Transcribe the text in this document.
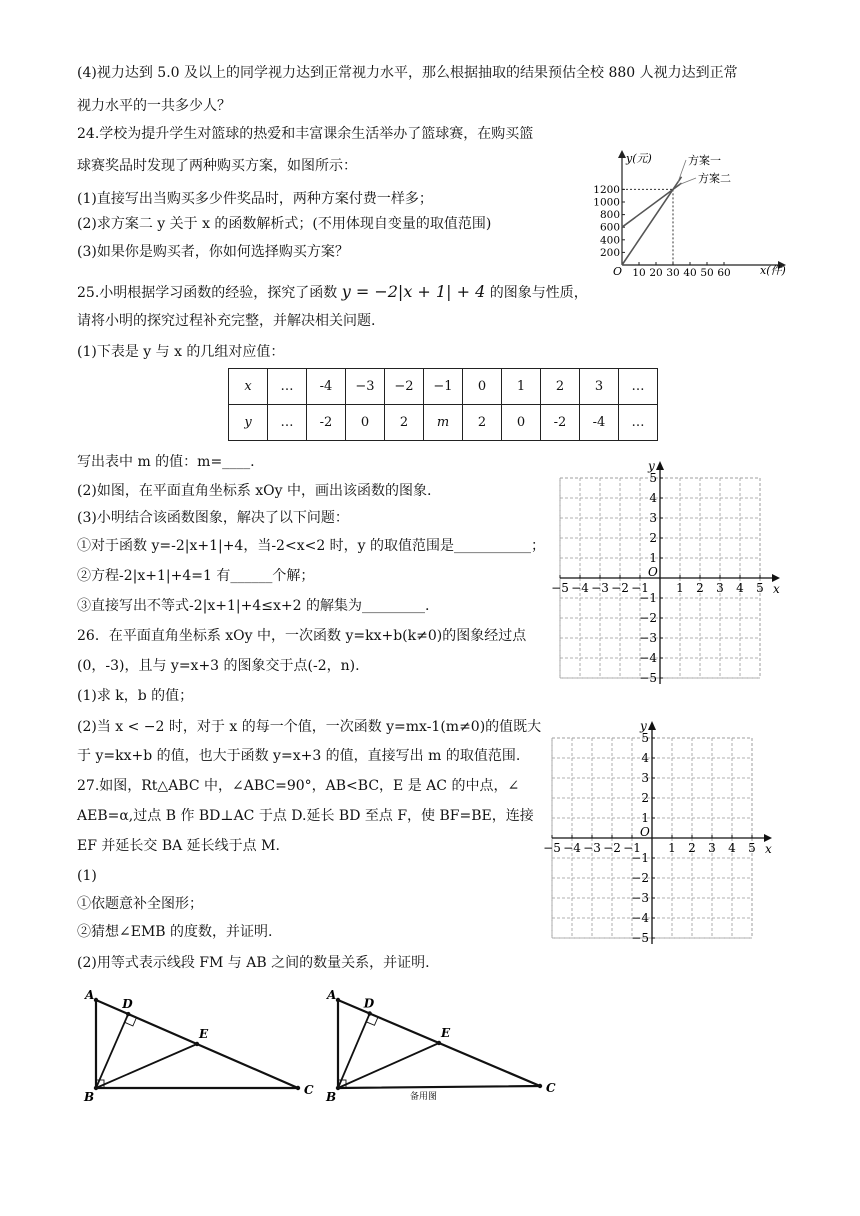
(4)视力达到 5.0 及以上的同学视力达到正常视力水平，那么根据抽取的结果预估全校 880 人视力达到正常
视力水平的一共多少人？
24.学校为提升学生对篮球的热爱和丰富课余生活举办了篮球赛，在购买篮
球赛奖品时发现了两种购买方案，如图所示：
(1)直接写出当购买多少件奖品时，两种方案付费一样多；
(2)求方案二 y 关于 x 的函数解析式；(不用体现自变量的取值范围)
(3)如果你是购买者，你如何选择购买方案？
10 20 30 40 50 60
200
400
600
800
1000
1200
y(元)
x(件)
O
方案一
方案二
25.小明根据学习函数的经验，探究了函数 y = −2|x + 1| + 4 的图象与性质，
请将小明的探究过程补充完整，并解决相关问题.
(1)下表是 y 与 x 的几组对应值：
x	…	-4	−3	−2	−1	0	1	2	3	…
y	…	-2	0	2	m	2	0	-2	-4	…
写出表中 m 的值：m=____.
(2)如图，在平面直角坐标系 xOy 中，画出该函数的图象.
(3)小明结合该函数图象，解决了以下问题：
①对于函数 y=-2|x+1|+4，当-2<x<2 时，y 的取值范围是___________；
②方程-2|x+1|+4=1 有______个解；
③直接写出不等式-2|x+1|+4≤x+2 的解集为_________.
26．在平面直角坐标系 xOy 中，一次函数 y=kx+b(k≠0)的图象经过点
(0，-3)，且与 y=x+3 的图象交于点(-2，n).
(1)求 k，b 的值；
(2)当 x < −2 时，对于 x 的每一个值，一次函数 y=mx-1(m≠0)的值既大
于 y=kx+b 的值，也大于函数 y=x+3 的值，直接写出 m 的取值范围.
27.如图，Rt△ABC 中，∠ABC=90°，AB<BC，E 是 AC 的中点，∠
AEB=α,过点 B 作 BD⊥AC 于点 D.延长 BD 至点 F，使 BF=BE，连接
EF 并延长交 BA 延长线于点 M.
(1)
①依题意补全图形；
②猜想∠EMB 的度数，并证明.
(2)用等式表示线段 FM 与 AB 之间的数量关系，并证明.
x
y
O
−5 −4 −3 −2 −1 1 2 3 4 5
5
4
3
2
1
−1
−2
−3
−4
−5
x
y
O
−5 −4 −3 −2 −1 1 2 3 4 5
5
4
3
2
1
−1
−2
−3
−4
−5
A
B	C
D
E
A
B
C
D
E
备用图
